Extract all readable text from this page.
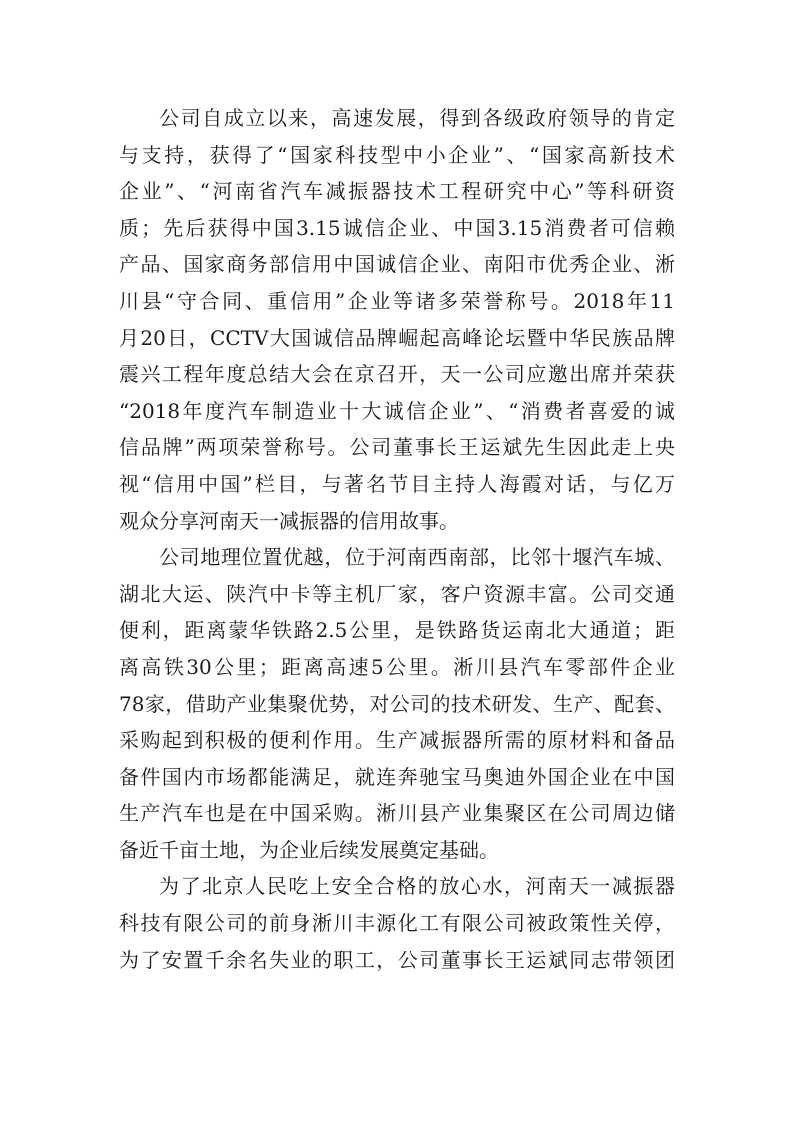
公司自成立以来，高速发展，得到各级政府领导的肯定
与支持，获得了“国家科技型中小企业”、“国家高新技术
企业”、“河南省汽车减振器技术工程研究中心”等科研资
质；先后获得中国3.15诚信企业、中国3.15消费者可信赖
产品、国家商务部信用中国诚信企业、南阳市优秀企业、淅
川县“守合同、重信用”企业等诸多荣誉称号。2018年11
月20日，CCTV大国诚信品牌崛起高峰论坛暨中华民族品牌
震兴工程年度总结大会在京召开，天一公司应邀出席并荣获
“2018年度汽车制造业十大诚信企业”、“消费者喜爱的诚
信品牌”两项荣誉称号。公司董事长王运斌先生因此走上央
视“信用中国”栏目，与著名节目主持人海霞对话，与亿万
观众分享河南天一减振器的信用故事。
公司地理位置优越，位于河南西南部，比邻十堰汽车城、
湖北大运、陕汽中卡等主机厂家，客户资源丰富。公司交通
便利，距离蒙华铁路2.5公里，是铁路货运南北大通道；距
离高铁30公里；距离高速5公里。淅川县汽车零部件企业
78家，借助产业集聚优势，对公司的技术研发、生产、配套、
采购起到积极的便利作用。生产减振器所需的原材料和备品
备件国内市场都能满足，就连奔驰宝马奥迪外国企业在中国
生产汽车也是在中国采购。淅川县产业集聚区在公司周边储
备近千亩土地，为企业后续发展奠定基础。
为了北京人民吃上安全合格的放心水，河南天一减振器
科技有限公司的前身淅川丰源化工有限公司被政策性关停，
为了安置千余名失业的职工，公司董事长王运斌同志带领团
